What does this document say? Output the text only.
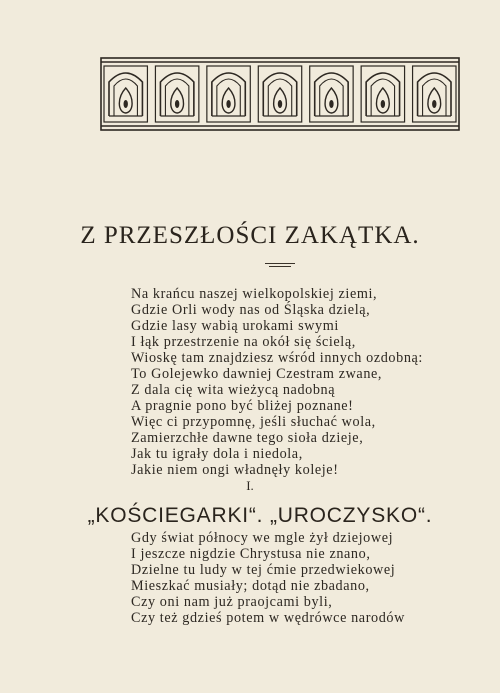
Z PRZESZŁOŚCI ZAKĄTKA.
Na krańcu naszej wielkopolskiej ziemi,
Gdzie Orli wody nas od Śląska dzielą,
Gdzie lasy wabią urokami swymi
I łąk przestrzenie na okół się ścielą,
Wioskę tam znajdziesz wśród innych ozdobną:
To Golejewko dawniej Czestram zwane,
Z dala cię wita wieżycą nadobną
A pragnie pono być bliżej poznane!
Więc ci przypomnę, jeśli słuchać wola,
Zamierzchłe dawne tego sioła dzieje,
Jak tu igrały dola i niedola,
Jakie niem ongi władnęły koleje!
I.
„KOŚCIEGARKI“. „UROCZYSKO“.
Gdy świat północy we mgle żył dziejowej
I jeszcze nigdzie Chrystusa nie znano,
Dzielne tu ludy w tej ćmie przedwiekowej
Mieszkać musiały; dotąd nie zbadano,
Czy oni nam już praojcami byli,
Czy też gdzieś potem w wędrówce narodów
